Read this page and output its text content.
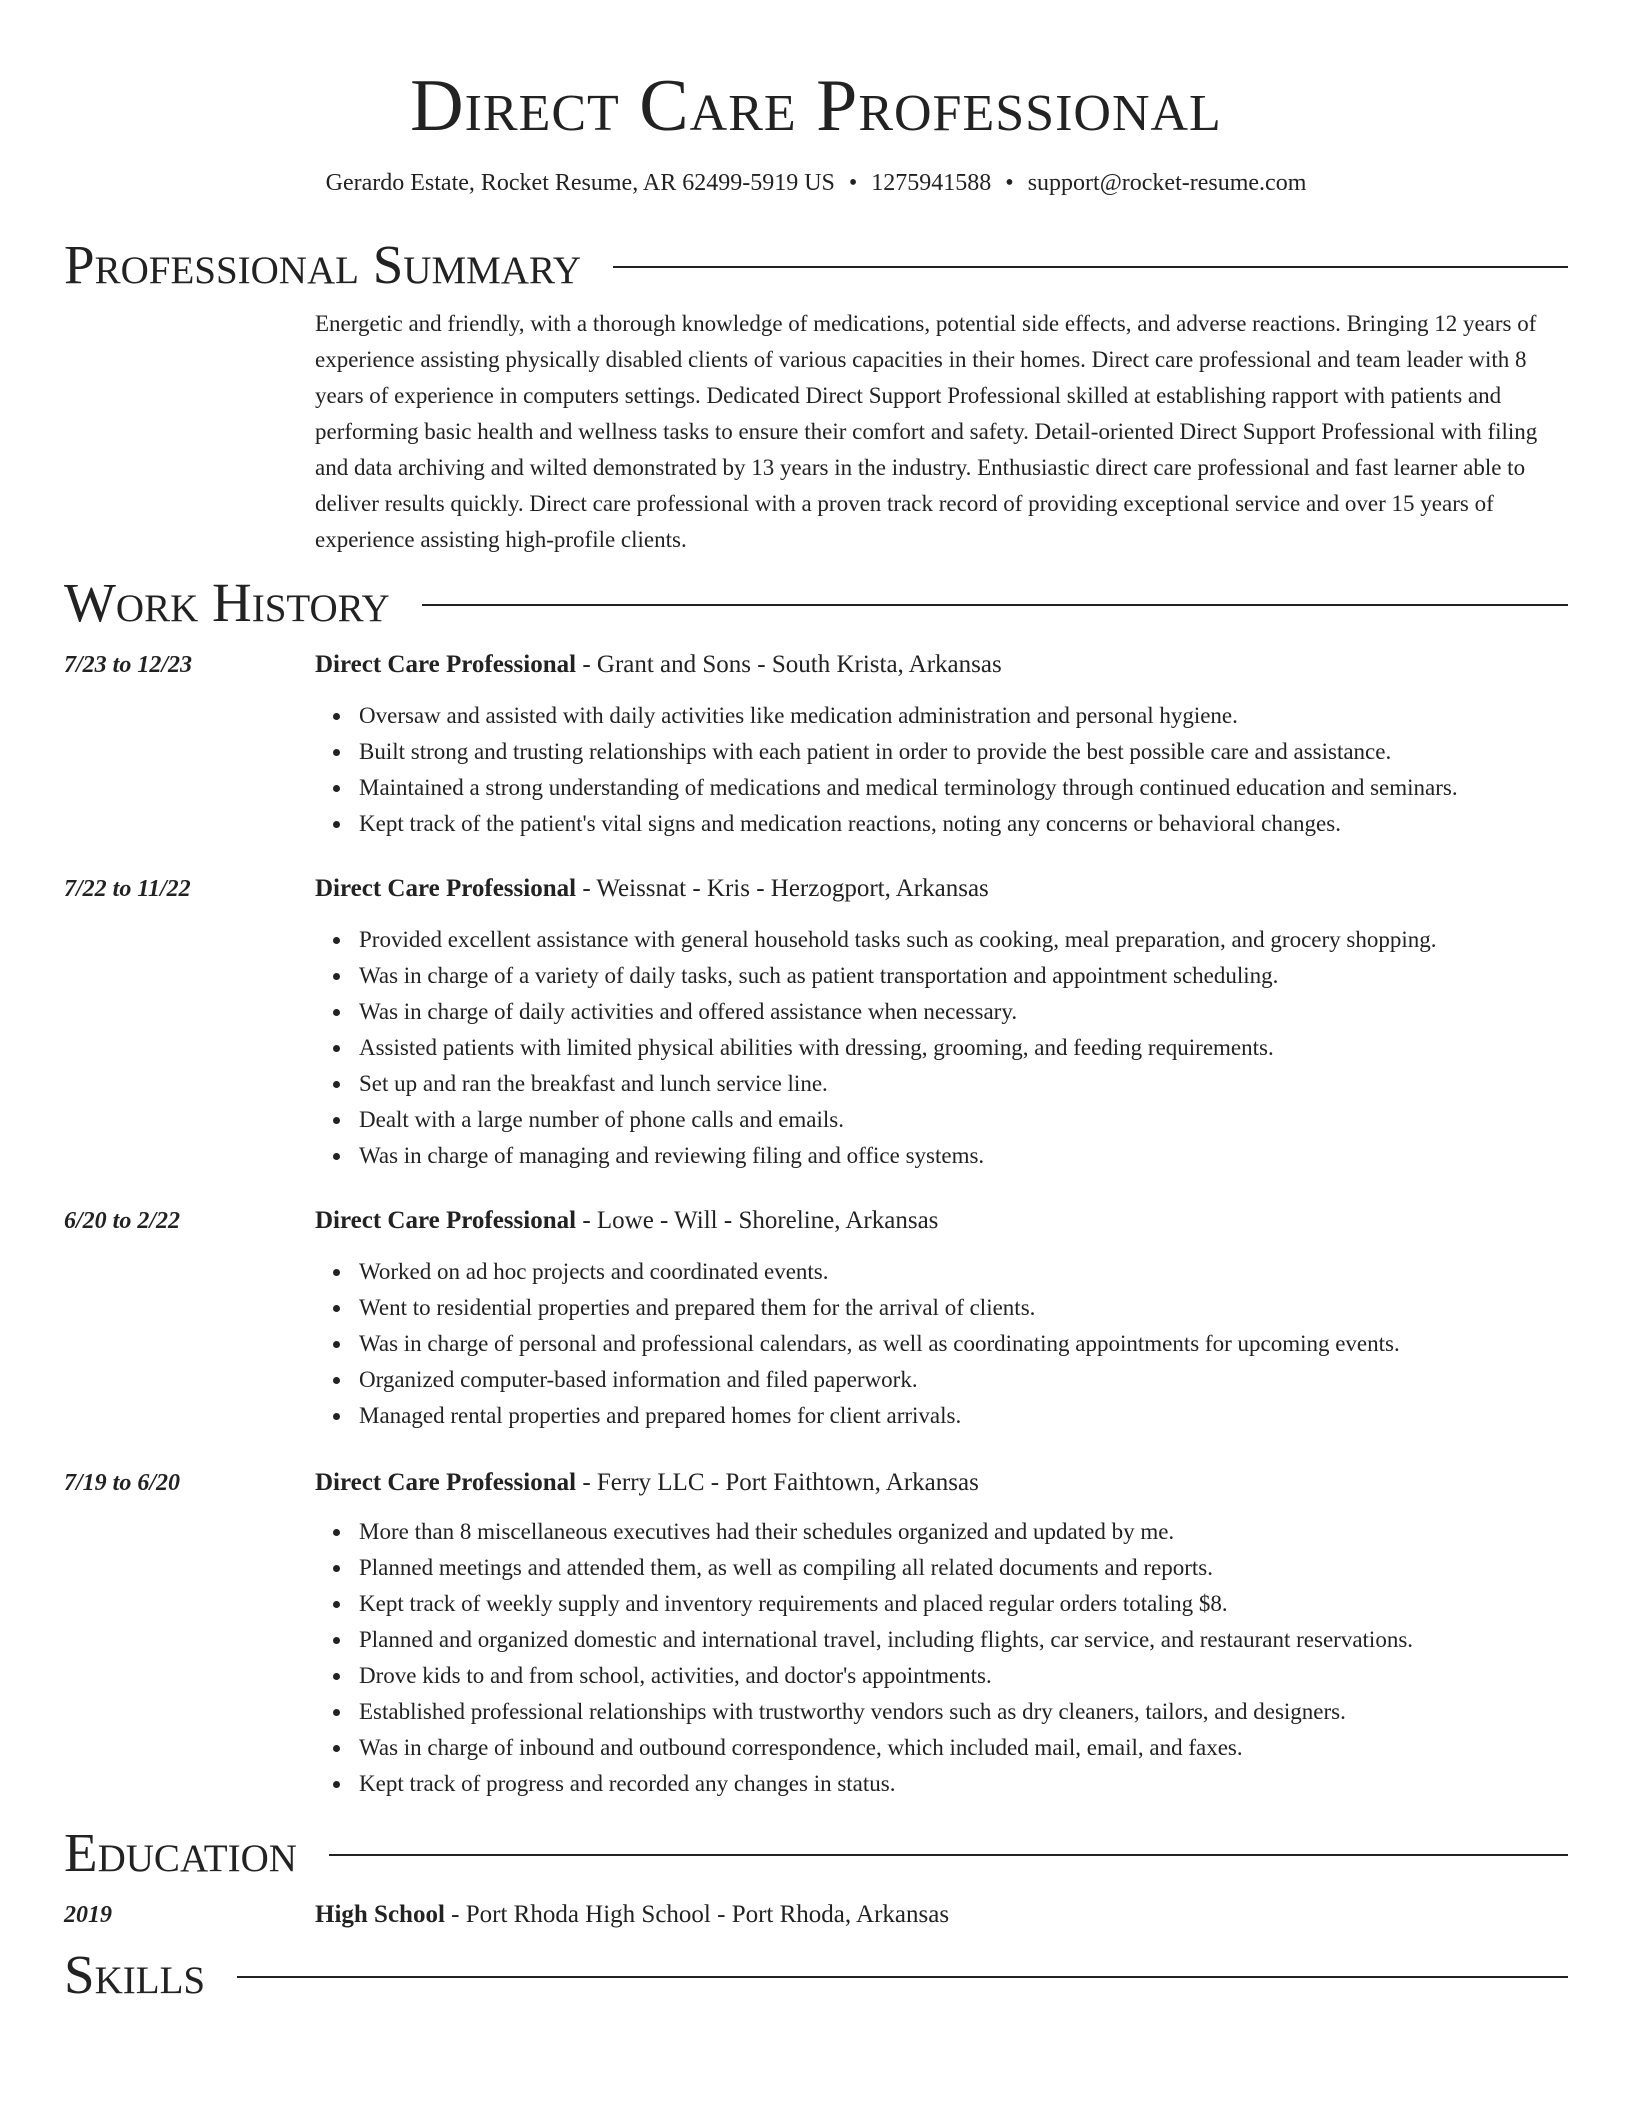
Direct Care Professional
Gerardo Estate, Rocket Resume, AR 62499-5919 US • 1275941588 • support@rocket-resume.com
Professional Summary
Energetic and friendly, with a thorough knowledge of medications, potential side effects, and adverse reactions. Bringing 12 years of experience assisting physically disabled clients of various capacities in their homes. Direct care professional and team leader with 8 years of experience in computers settings. Dedicated Direct Support Professional skilled at establishing rapport with patients and performing basic health and wellness tasks to ensure their comfort and safety. Detail-oriented Direct Support Professional with filing and data archiving and wilted demonstrated by 13 years in the industry. Enthusiastic direct care professional and fast learner able to deliver results quickly. Direct care professional with a proven track record of providing exceptional service and over 15 years of experience assisting high-profile clients.
Work History
7/23 to 12/23	Direct Care Professional - Grant and Sons - South Krista, Arkansas
Oversaw and assisted with daily activities like medication administration and personal hygiene.
Built strong and trusting relationships with each patient in order to provide the best possible care and assistance.
Maintained a strong understanding of medications and medical terminology through continued education and seminars.
Kept track of the patient's vital signs and medication reactions, noting any concerns or behavioral changes.
7/22 to 11/22	Direct Care Professional - Weissnat - Kris - Herzogport, Arkansas
Provided excellent assistance with general household tasks such as cooking, meal preparation, and grocery shopping.
Was in charge of a variety of daily tasks, such as patient transportation and appointment scheduling.
Was in charge of daily activities and offered assistance when necessary.
Assisted patients with limited physical abilities with dressing, grooming, and feeding requirements.
Set up and ran the breakfast and lunch service line.
Dealt with a large number of phone calls and emails.
Was in charge of managing and reviewing filing and office systems.
6/20 to 2/22	Direct Care Professional - Lowe - Will - Shoreline, Arkansas
Worked on ad hoc projects and coordinated events.
Went to residential properties and prepared them for the arrival of clients.
Was in charge of personal and professional calendars, as well as coordinating appointments for upcoming events.
Organized computer-based information and filed paperwork.
Managed rental properties and prepared homes for client arrivals.
7/19 to 6/20	Direct Care Professional - Ferry LLC - Port Faithtown, Arkansas
More than 8 miscellaneous executives had their schedules organized and updated by me.
Planned meetings and attended them, as well as compiling all related documents and reports.
Kept track of weekly supply and inventory requirements and placed regular orders totaling $8.
Planned and organized domestic and international travel, including flights, car service, and restaurant reservations.
Drove kids to and from school, activities, and doctor's appointments.
Established professional relationships with trustworthy vendors such as dry cleaners, tailors, and designers.
Was in charge of inbound and outbound correspondence, which included mail, email, and faxes.
Kept track of progress and recorded any changes in status.
Education
2019	High School - Port Rhoda High School - Port Rhoda, Arkansas
Skills
